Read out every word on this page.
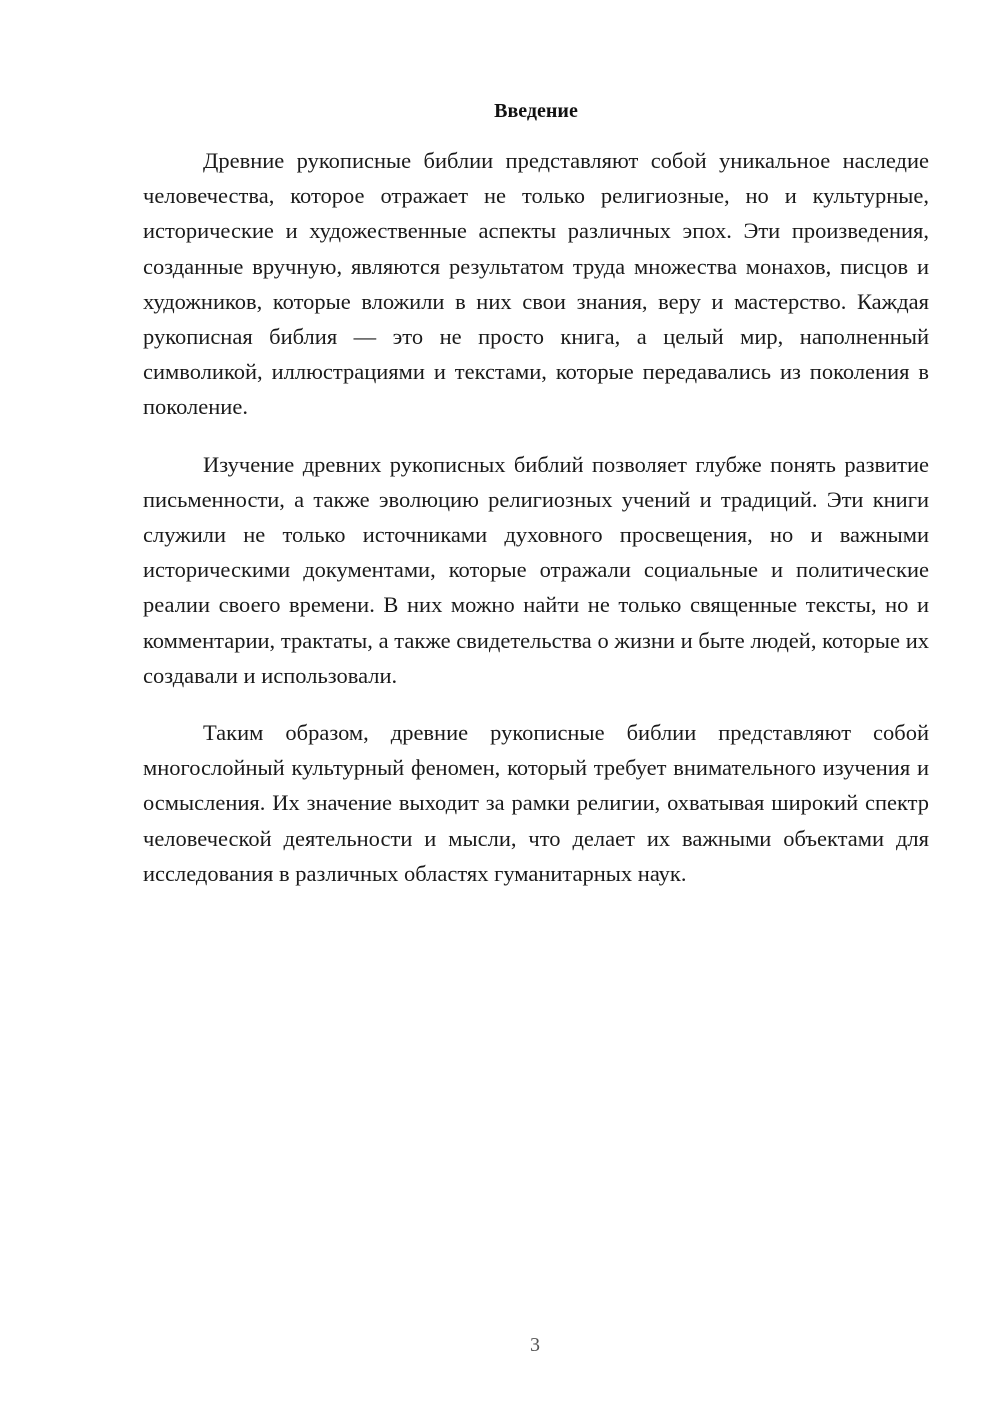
Введение

Древние рукописные библии представляют собой уникальное наследие человечества, которое отражает не только религиозные, но и культурные, исторические и художественные аспекты различных эпох. Эти произведения, созданные вручную, являются результатом труда множества монахов, писцов и художников, которые вложили в них свои знания, веру и мастерство. Каждая рукописная библия — это не просто книга, а целый мир, наполненный символикой, иллюстрациями и текстами, которые передавались из поколения в поколение.

Изучение древних рукописных библий позволяет глубже понять развитие письменности, а также эволюцию религиозных учений и традиций. Эти книги служили не только источниками духовного просвещения, но и важными историческими документами, которые отражали социальные и политические реалии своего времени. В них можно найти не только священные тексты, но и комментарии, трактаты, а также свидетельства о жизни и быте людей, которые их создавали и использовали.

Таким образом, древние рукописные библии представляют собой многослойный культурный феномен, который требует внимательного изучения и осмысления. Их значение выходит за рамки религии, охватывая широкий спектр человеческой деятельности и мысли, что делает их важными объектами для исследования в различных областях гуманитарных наук.

3
